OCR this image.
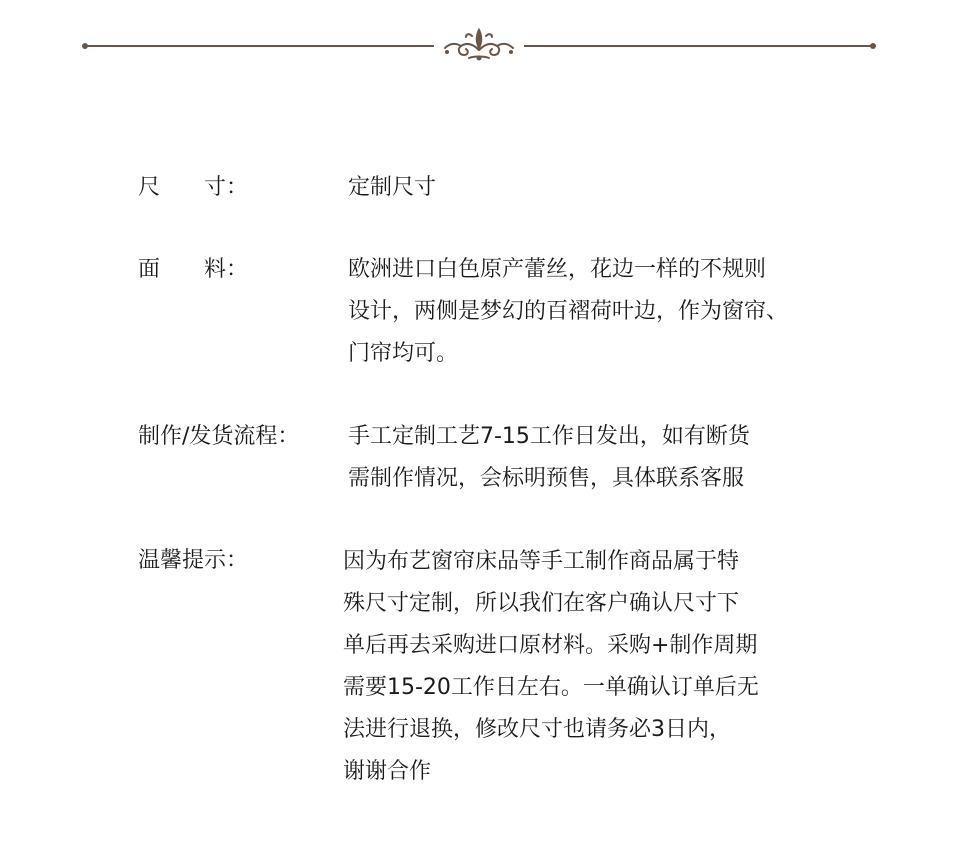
尺　　寸：	定制尺寸
面　　料：	欧洲进口白色原产蕾丝，花边一样的不规则
设计，两侧是梦幻的百褶荷叶边，作为窗帘、
门帘均可。
制作/发货流程： 手工定制工艺7-15工作日发出，如有断货
需制作情况，会标明预售，具体联系客服
温馨提示：	因为布艺窗帘床品等手工制作商品属于特
殊尺寸定制，所以我们在客户确认尺寸下
单后再去采购进口原材料。采购+制作周期
需要15-20工作日左右。一单确认订单后无
法进行退换，修改尺寸也请务必3日内，
谢谢合作
